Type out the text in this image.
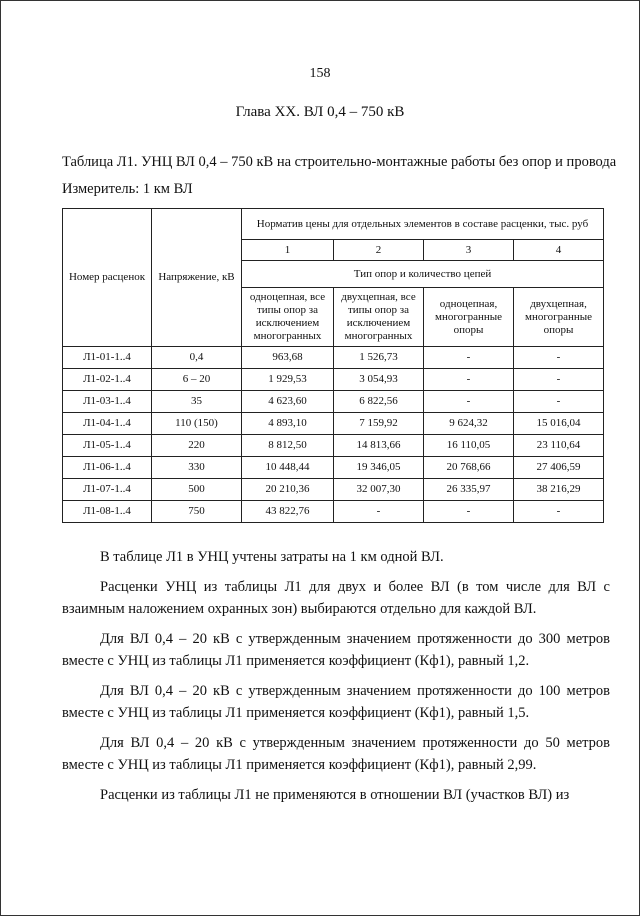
158
Глава XX. ВЛ 0,4 – 750 кВ
Таблица Л1. УНЦ ВЛ 0,4 – 750 кВ на строительно-монтажные работы без опор и провода
Измеритель: 1 км ВЛ
Номер расценок	Напряжение, кВ	Норматив цены для отдельных элементов в составе расценки, тыс. руб			
		1	2	3	4
		Тип опор и количество цепей			
		одноцепная, все типы опор за исключением многогранных	двухцепная, все типы опор за исключением многогранных	одноцепная, многогранные опоры	двухцепная, многогранные опоры
Л1-01-1..4	0,4	963,68	1 526,73	-	-
Л1-02-1..4	6 – 20	1 929,53	3 054,93	-	-
Л1-03-1..4	35	4 623,60	6 822,56	-	-
Л1-04-1..4	110 (150)	4 893,10	7 159,92	9 624,32	15 016,04
Л1-05-1..4	220	8 812,50	14 813,66	16 110,05	23 110,64
Л1-06-1..4	330	10 448,44	19 346,05	20 768,66	27 406,59
Л1-07-1..4	500	20 210,36	32 007,30	26 335,97	38 216,29
Л1-08-1..4	750	43 822,76	-	-	-
В таблице Л1 в УНЦ учтены затраты на 1 км одной ВЛ.
Расценки УНЦ из таблицы Л1 для двух и более ВЛ (в том числе для ВЛ с взаимным наложением охранных зон) выбираются отдельно для каждой ВЛ.
Для ВЛ 0,4 – 20 кВ с утвержденным значением протяженности до 300 метров вместе с УНЦ из таблицы Л1 применяется коэффициент (Кф1), равный 1,2.
Для ВЛ 0,4 – 20 кВ с утвержденным значением протяженности до 100 метров вместе с УНЦ из таблицы Л1 применяется коэффициент (Кф1), равный 1,5.
Для ВЛ 0,4 – 20 кВ с утвержденным значением протяженности до 50 метров вместе с УНЦ из таблицы Л1 применяется коэффициент (Кф1), равный 2,99.
Расценки из таблицы Л1 не применяются в отношении ВЛ (участков ВЛ) из
